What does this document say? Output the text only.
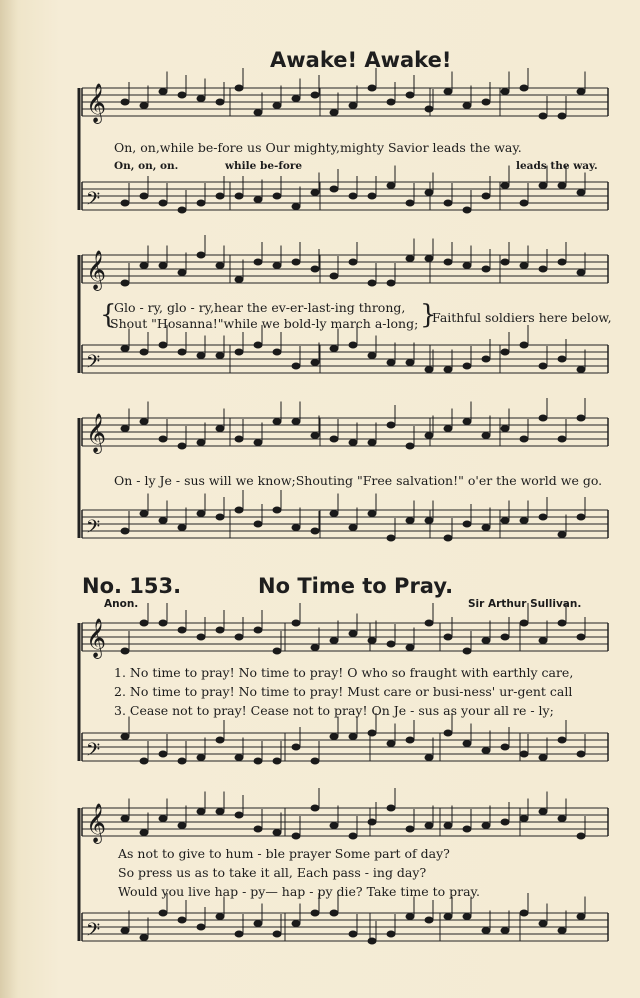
𝄞
𝄢
𝄞
𝄢
𝄞
𝄢
𝄞
𝄢
𝄞
𝄢
Awake! Awake!
On, on,while be-fore us Our mighty,mighty Savior leads the way.
On, on, on.	while be-fore	leads the way.
{
Glo - ry, glo - ry,hear the ev-er-last-ing throng,
Shout "Hosanna!"while we bold-ly march a-long; }
Faithful soldiers here below,
On - ly Je - sus will we know;Shouting "Free salvation!" o'er the world we go.
No. 153.	No Time to Pray.
Anon.	Sir Arthur Sullivan.
1. No time to pray! No time to pray! O who so fraught with earthly care,
2. No time to pray! No time to pray! Must care or busi-ness' ur-gent call
3. Cease not to pray! Cease not to pray! On Je - sus as your all re - ly;
As not to give to hum - ble prayer Some part of day?
So press us as to take it all, Each pass - ing day?
Would you live hap - py— hap - py die? Take time to pray.
